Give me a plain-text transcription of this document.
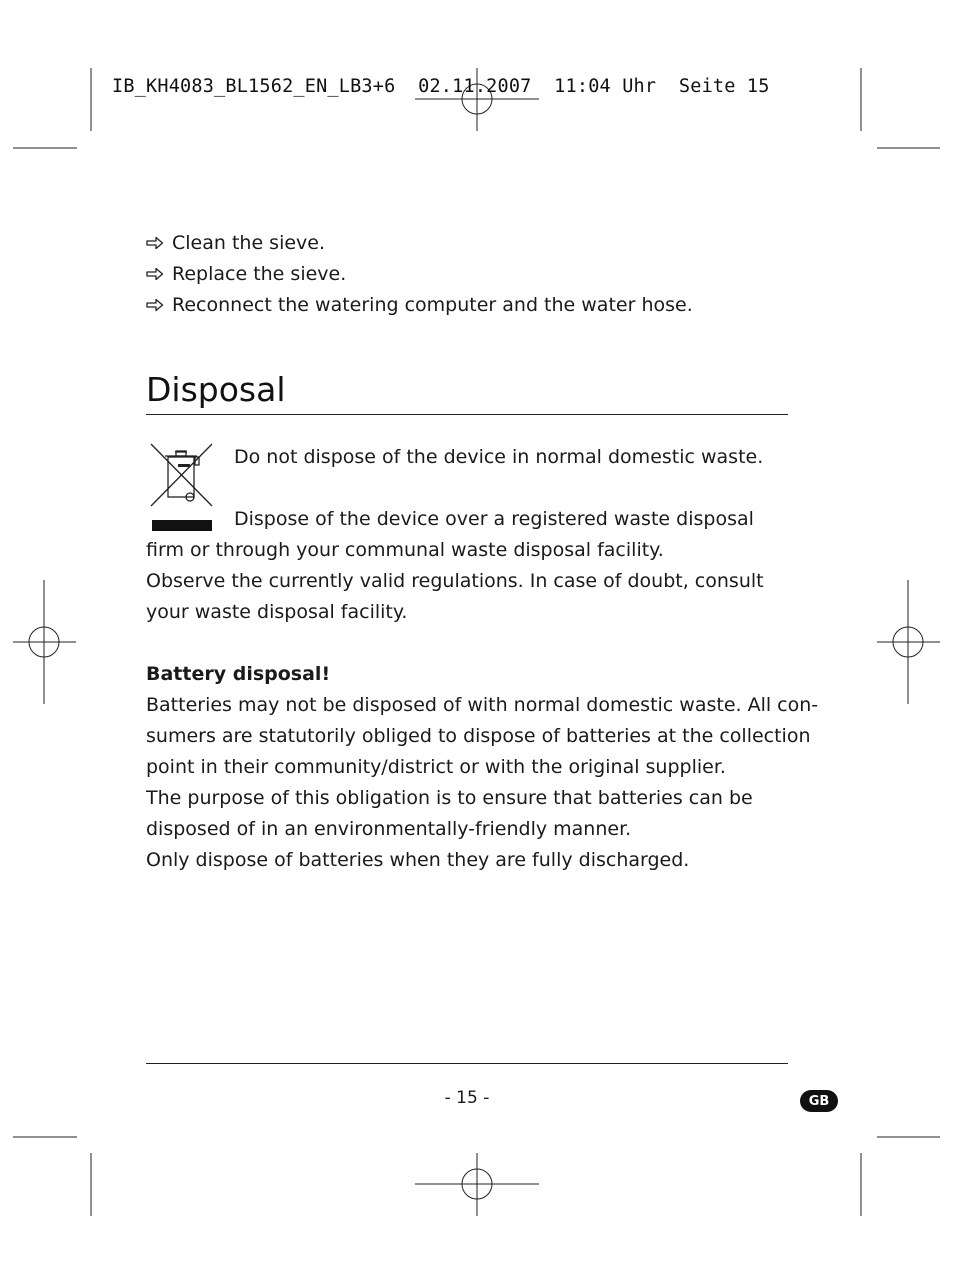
IB_KH4083_BL1562_EN_LB3+6  02.11.2007  11:04 Uhr  Seite 15
Clean the sieve.
Replace the sieve.
Reconnect the watering computer and the water hose.
Disposal

Do not dispose of the device in normal domestic waste.

Dispose of the device over a registered waste disposal

firm or through your communal waste disposal facility.

Observe the currently valid regulations. In case of doubt, consult

your waste disposal facility.

Battery disposal!

Batteries may not be disposed of with normal domestic waste. All con-

sumers are statutorily obliged to dispose of batteries at the collection

point in their community/district or with the original supplier.

The purpose of this obligation is to ensure that batteries can be

disposed of in an environmentally-friendly manner.

Only dispose of batteries when they are fully discharged.

- 15 -	GB
